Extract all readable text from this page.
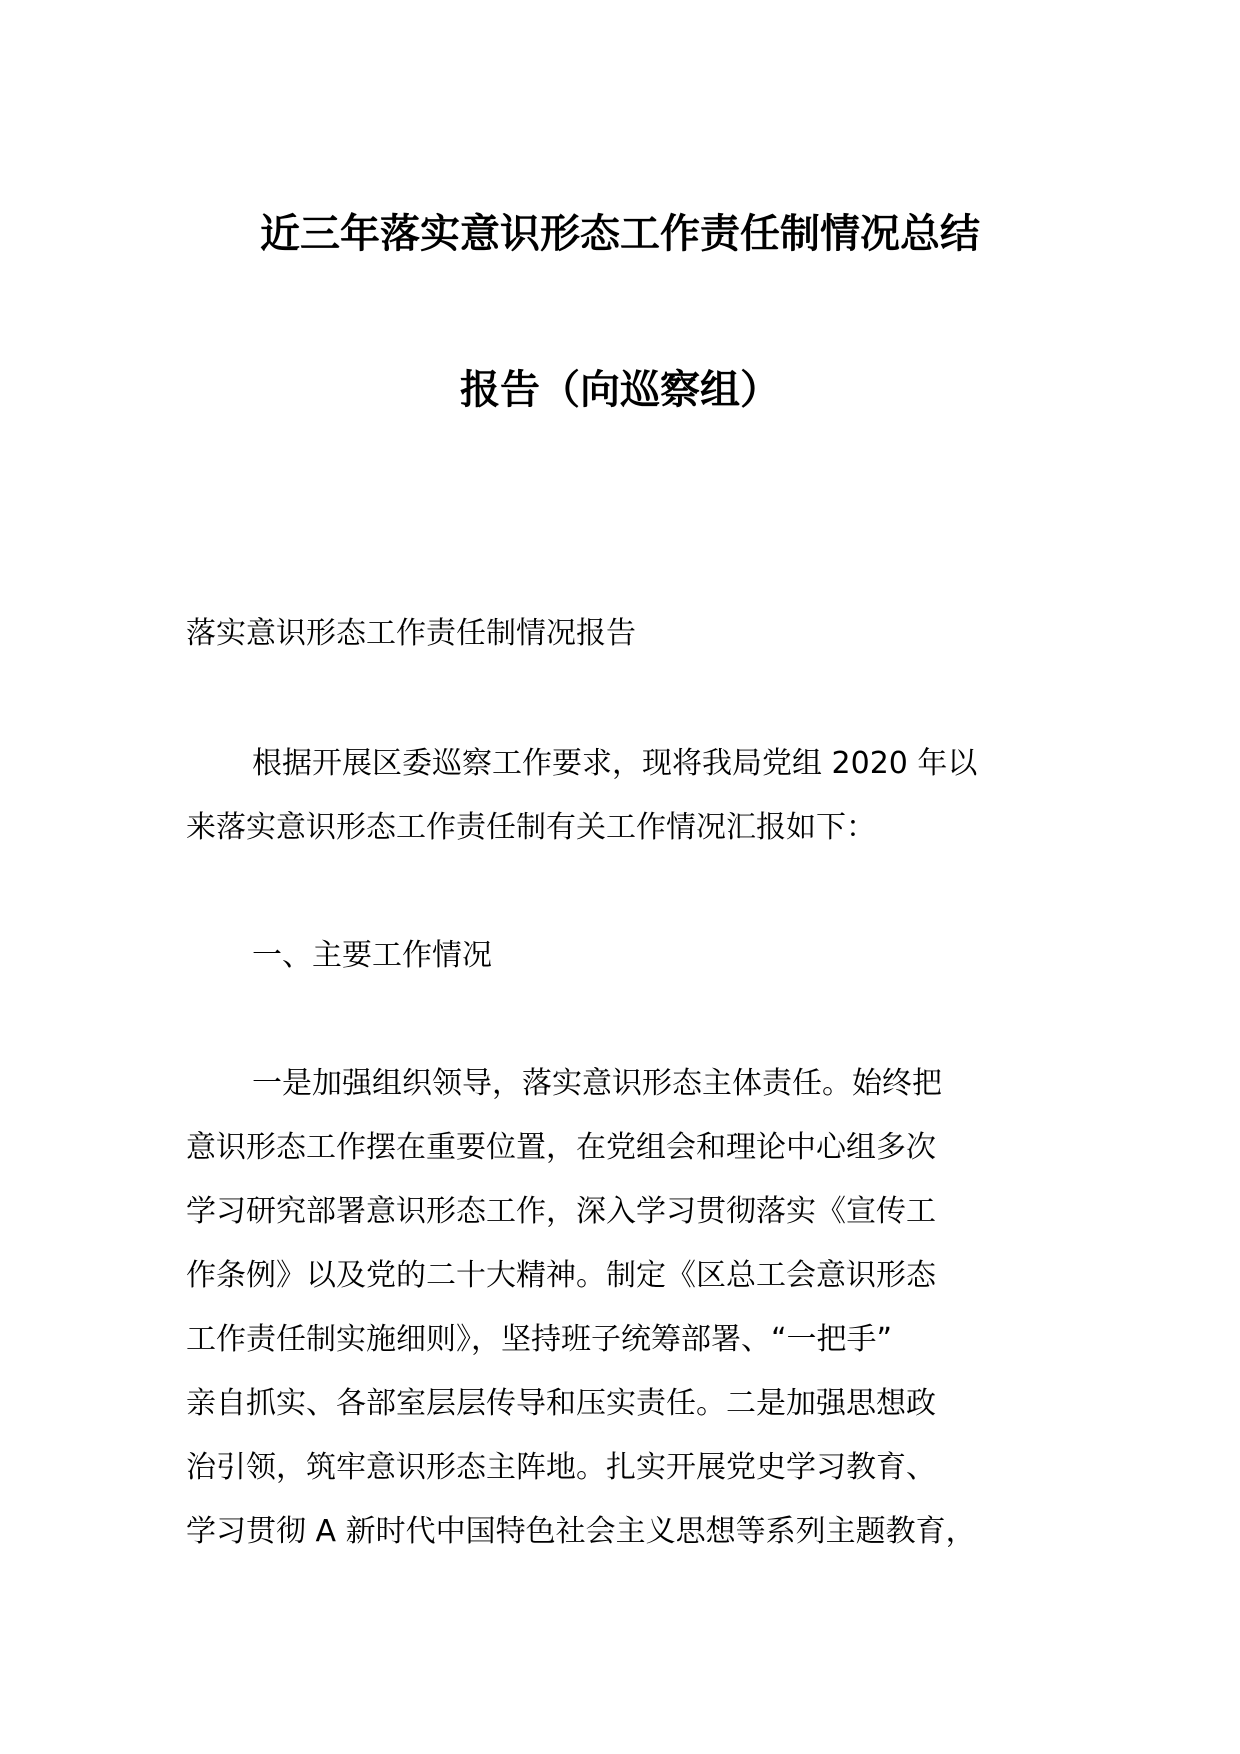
近三年落实意识形态工作责任制情况总结
报告（向巡察组）
落实意识形态工作责任制情况报告
根据开展区委巡察工作要求，现将我局党组 2020 年以
来落实意识形态工作责任制有关工作情况汇报如下：
一、主要工作情况
一是加强组织领导，落实意识形态主体责任。始终把
意识形态工作摆在重要位置，在党组会和理论中心组多次
学习研究部署意识形态工作，深入学习贯彻落实《宣传工
作条例》以及党的二十大精神。制定《区总工会意识形态
工作责任制实施细则》，坚持班子统筹部署、“一把手”
亲自抓实、各部室层层传导和压实责任。二是加强思想政
治引领，筑牢意识形态主阵地。扎实开展党史学习教育、
学习贯彻 A 新时代中国特色社会主义思想等系列主题教育，
